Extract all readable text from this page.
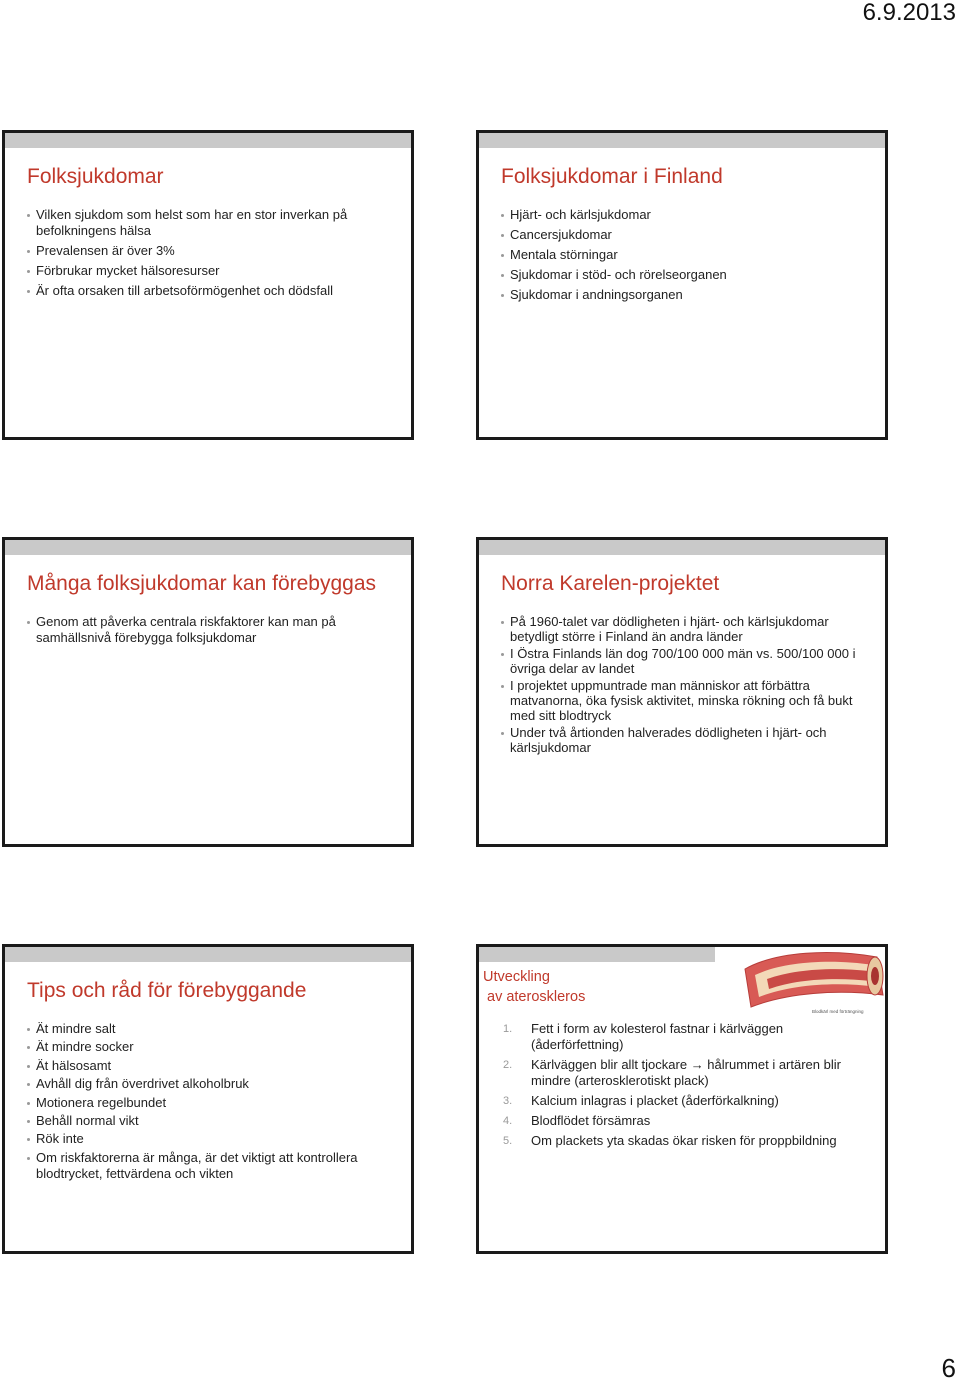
6.9.2013
Folksjukdomar
Vilken sjukdom som helst som har en stor inverkan på befolkningens hälsa
Prevalensen är över 3%
Förbrukar mycket hälsoresurser
Är ofta orsaken till arbetsoförmögenhet och dödsfall
Folksjukdomar i Finland
Hjärt- och kärlsjukdomar
Cancersjukdomar
Mentala störningar
Sjukdomar i stöd- och rörelseorganen
Sjukdomar i andningsorganen
Många folksjukdomar kan förebyggas
Genom att påverka centrala riskfaktorer kan man på samhällsnivå förebygga folksjukdomar
Norra Karelen-projektet
På 1960-talet var dödligheten i hjärt- och kärlsjukdomar betydligt större i Finland än andra länder
I Östra Finlands län dog 700/100 000 män vs. 500/100 000 i övriga delar av landet
I projektet uppmuntrade man människor att förbättra matvanorna, öka fysisk aktivitet, minska rökning och få bukt med sitt blodtryck
Under två årtionden halverades dödligheten i hjärt- och kärlsjukdomar
Tips och råd för förebyggande
Ät mindre salt
Ät mindre socker
Ät hälsosamt
Avhåll dig från överdrivet alkoholbruk
Motionera regelbundet
Behåll normal vikt
Rök inte
Om riskfaktorerna är många, är det viktigt att kontrollera blodtrycket, fettvärdena och vikten
Utveckling
av ateroskleros
Blodkärl med förträngning
1. Fett i form av kolesterol fastnar i kärlväggen (åderförfettning)
2. Kärlväggen blir allt tjockare → hålrummet i artären blir mindre (arterosklerotiskt plack)
3. Kalcium inlagras i placket (åderförkalkning)
4. Blodflödet försämras
5. Om plackets yta skadas ökar risken för proppbildning
6
